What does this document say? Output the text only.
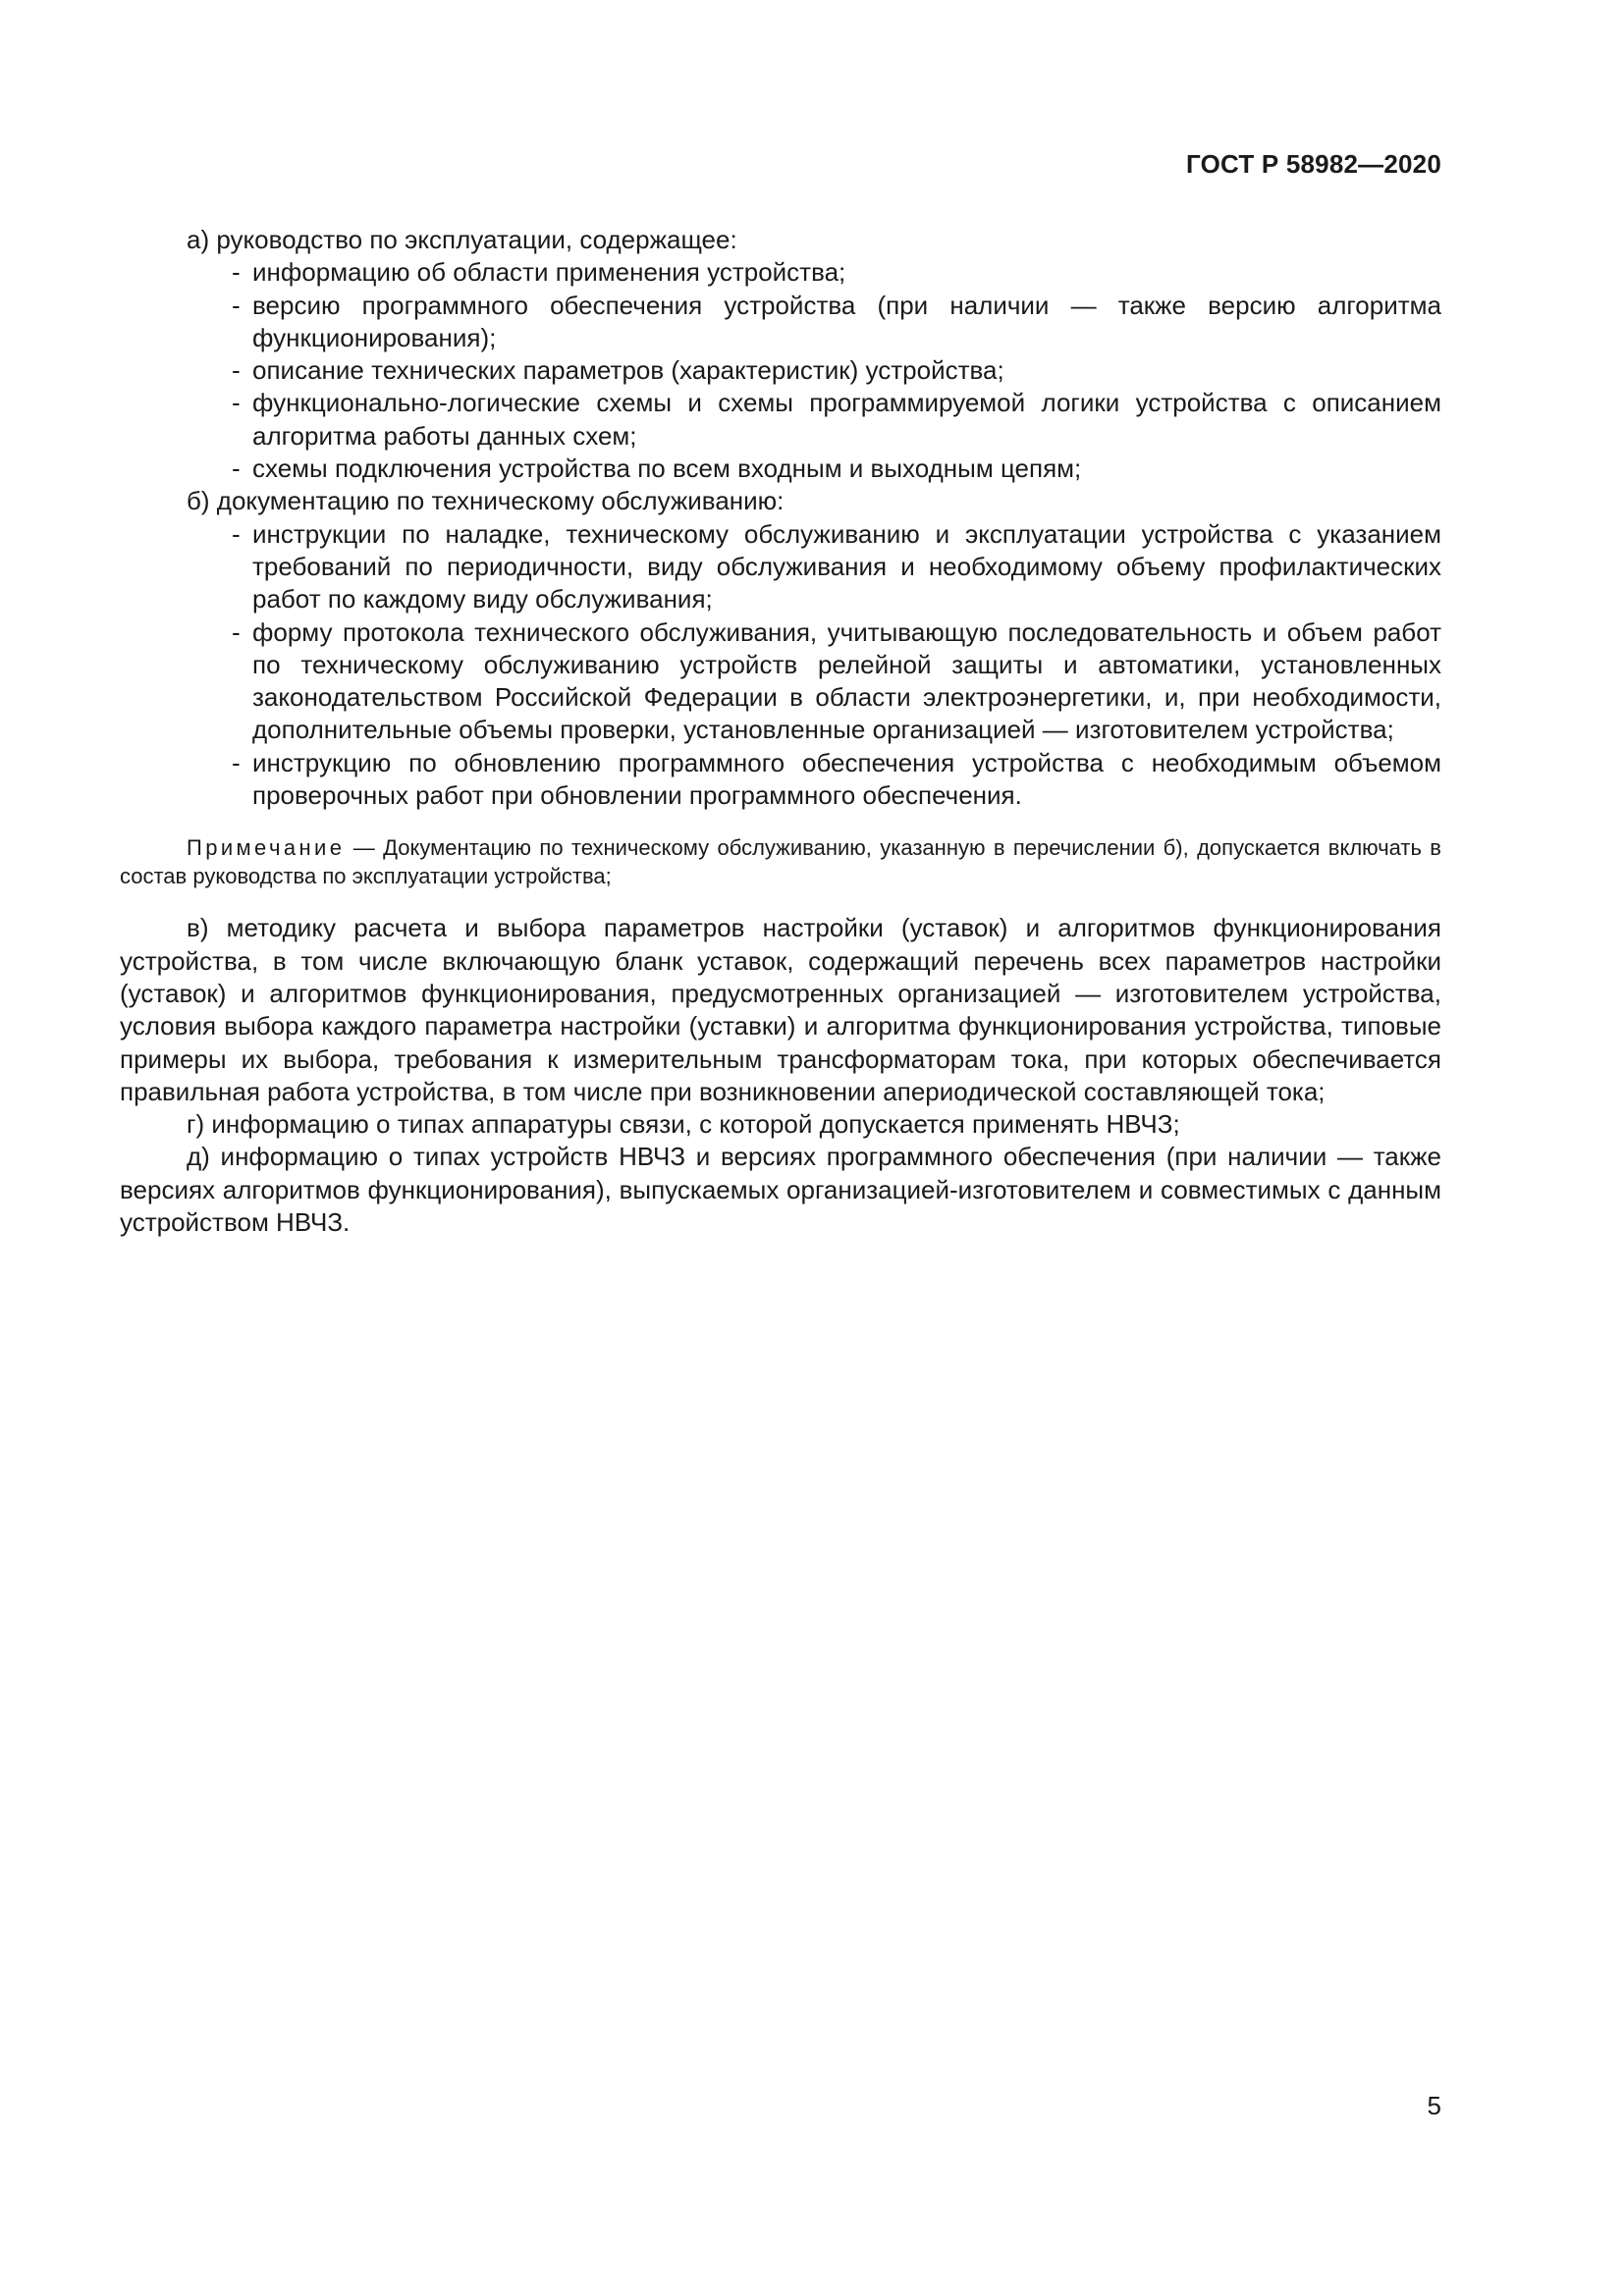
ГОСТ Р 58982—2020
а) руководство по эксплуатации, содержащее:
- информацию об области применения устройства;
- версию программного обеспечения устройства (при наличии — также версию алгоритма функционирования);
- описание технических параметров (характеристик) устройства;
- функционально-логические схемы и схемы программируемой логики устройства с описанием алгоритма работы данных схем;
- схемы подключения устройства по всем входным и выходным цепям;
б) документацию по техническому обслуживанию:
- инструкции по наладке, техническому обслуживанию и эксплуатации устройства с указанием требований по периодичности, виду обслуживания и необходимому объему профилактических работ по каждому виду обслуживания;
- форму протокола технического обслуживания, учитывающую последовательность и объем работ по техническому обслуживанию устройств релейной защиты и автоматики, установленных законодательством Российской Федерации в области электроэнергетики, и, при необходимости, дополнительные объемы проверки, установленные организацией — изготовителем устройства;
- инструкцию по обновлению программного обеспечения устройства с необходимым объемом проверочных работ при обновлении программного обеспечения.
Примечание — Документацию по техническому обслуживанию, указанную в перечислении б), допускается включать в состав руководства по эксплуатации устройства;
в) методику расчета и выбора параметров настройки (уставок) и алгоритмов функционирования устройства, в том числе включающую бланк уставок, содержащий перечень всех параметров настройки (уставок) и алгоритмов функционирования, предусмотренных организацией — изготовителем устройства, условия выбора каждого параметра настройки (уставки) и алгоритма функционирования устройства, типовые примеры их выбора, требования к измерительным трансформаторам тока, при которых обеспечивается правильная работа устройства, в том числе при возникновении апериодической составляющей тока;
г) информацию о типах аппаратуры связи, с которой допускается применять НВЧЗ;
д) информацию о типах устройств НВЧЗ и версиях программного обеспечения (при наличии — также версиях алгоритмов функционирования), выпускаемых организацией-изготовителем и совместимых с данным устройством НВЧЗ.
5
